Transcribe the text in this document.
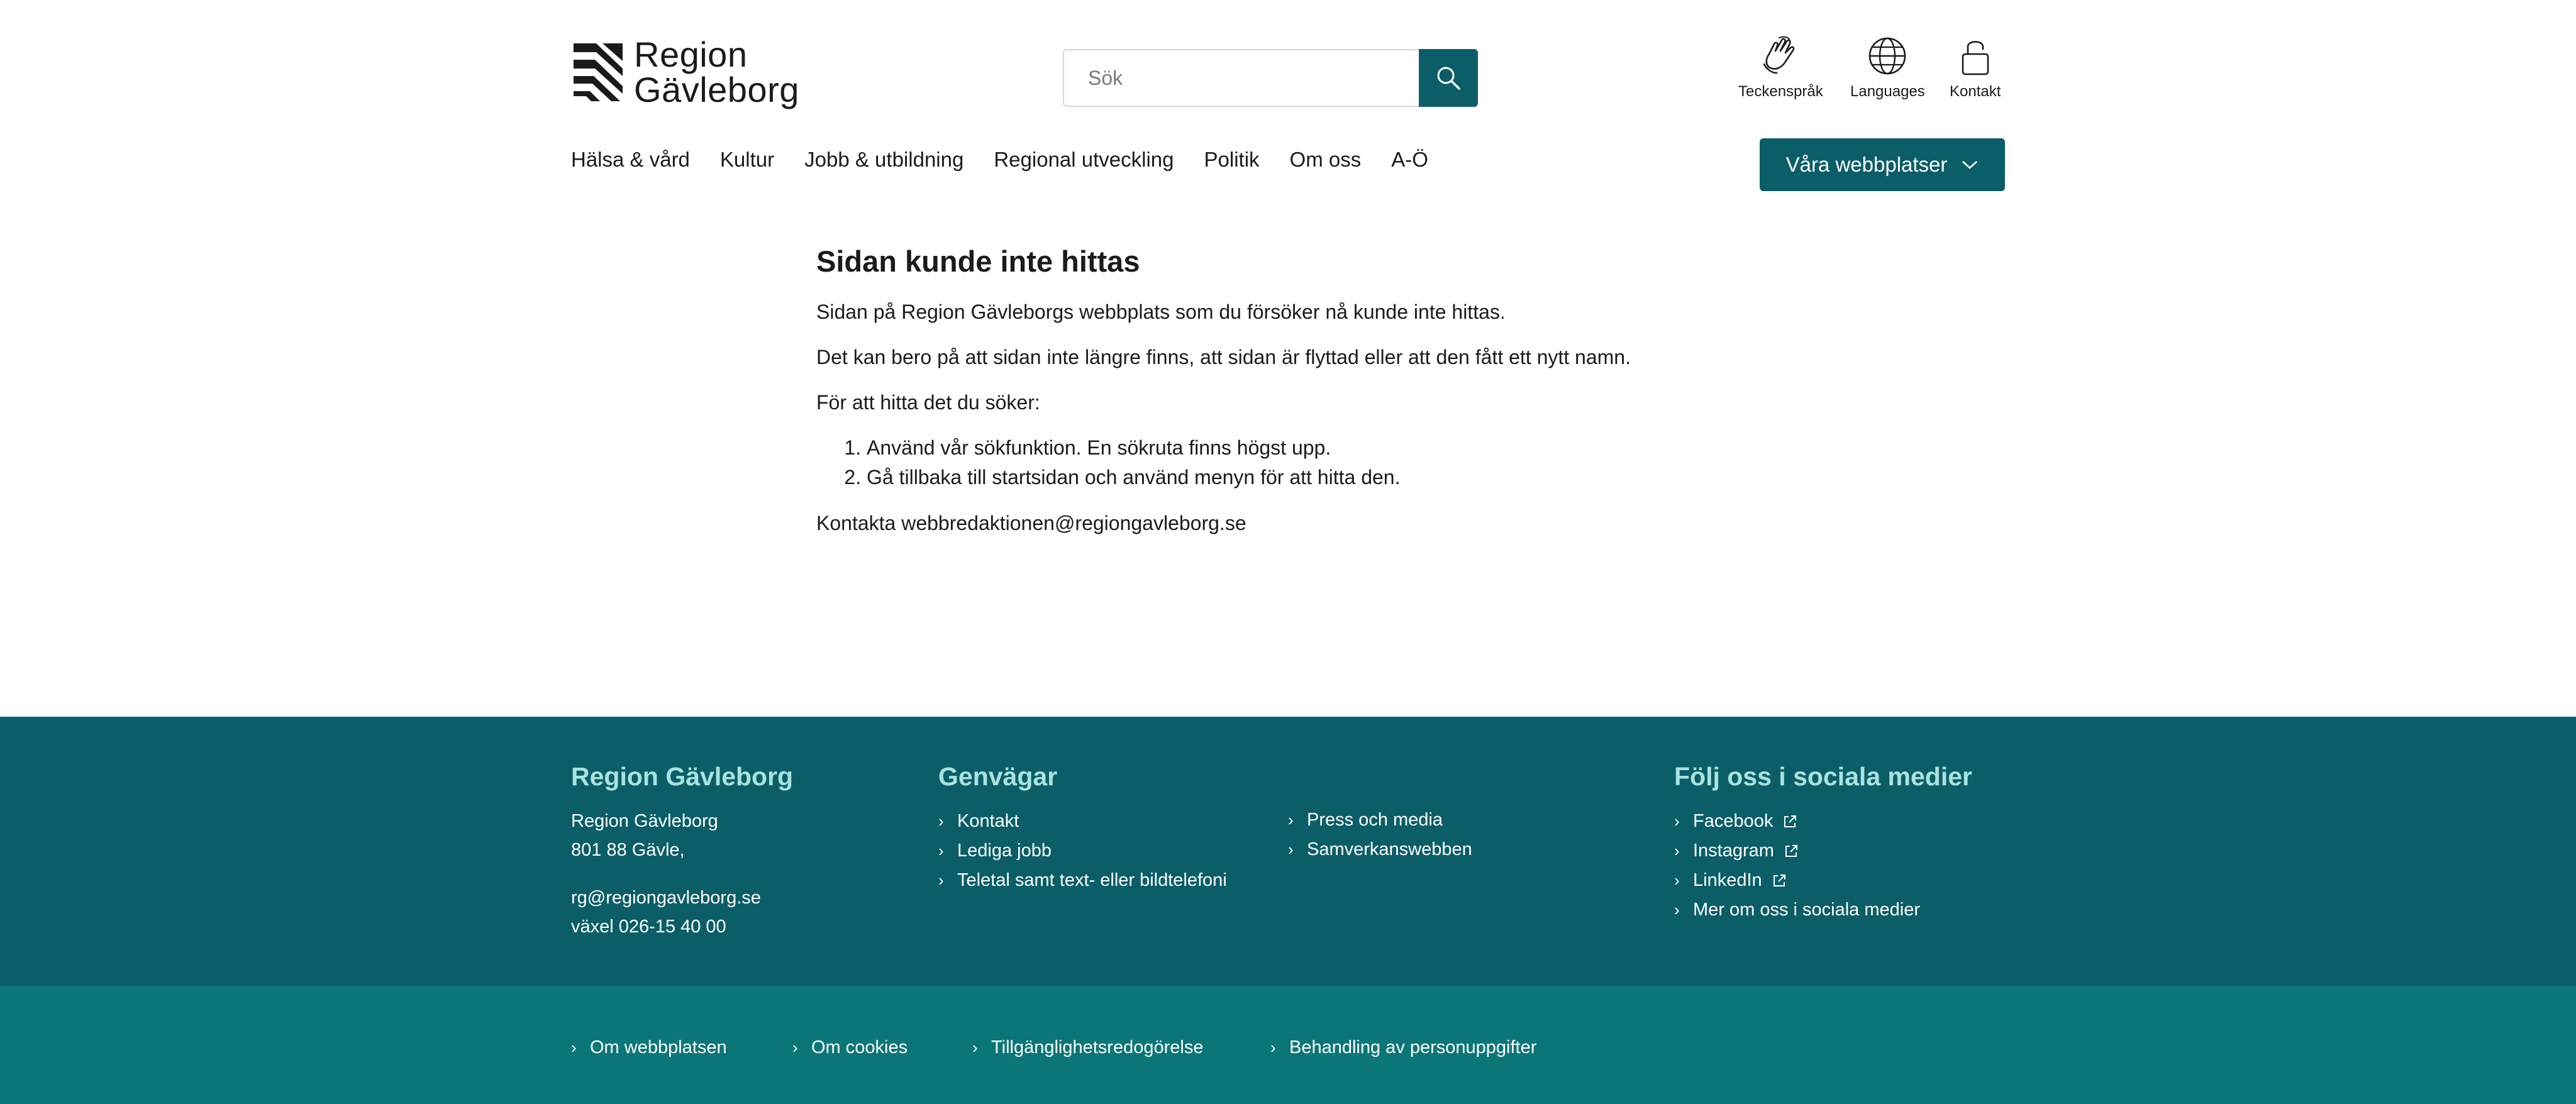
Region
Gävleborg
Sök	Teckenspråk Languages Kontakt
Hälsa & vård Kultur Jobb & utbildning Regional utveckling Politik Om oss A-Ö	Våra webbplatser
Sidan kunde inte hittas

Sidan på Region Gävleborgs webbplats som du försöker nå kunde inte hittas.

Det kan bero på att sidan inte längre finns, att sidan är flyttad eller att den fått ett nytt namn.

För att hitta det du söker:

1. Använd vår sökfunktion. En sökruta finns högst upp.
2. Gå tillbaka till startsidan och använd menyn för att hitta den.

Kontakta webbredaktionen@regiongavleborg.se

Region Gävleborg
Region Gävleborg
801 88 Gävle,
rg@regiongavleborg.se
växel 026-15 40 00
Genvägar
› Kontakt
› Lediga jobb
› Teletal samt text- eller bildtelefoni
› Press och media
› Samverkanswebben
Följ oss i sociala medier
› Facebook
› Instagram
› LinkedIn
› Mer om oss i sociala medier
› Om webbplatsen	› Om cookies	› Tillgänglighetsredogörelse	› Behandling av personuppgifter
